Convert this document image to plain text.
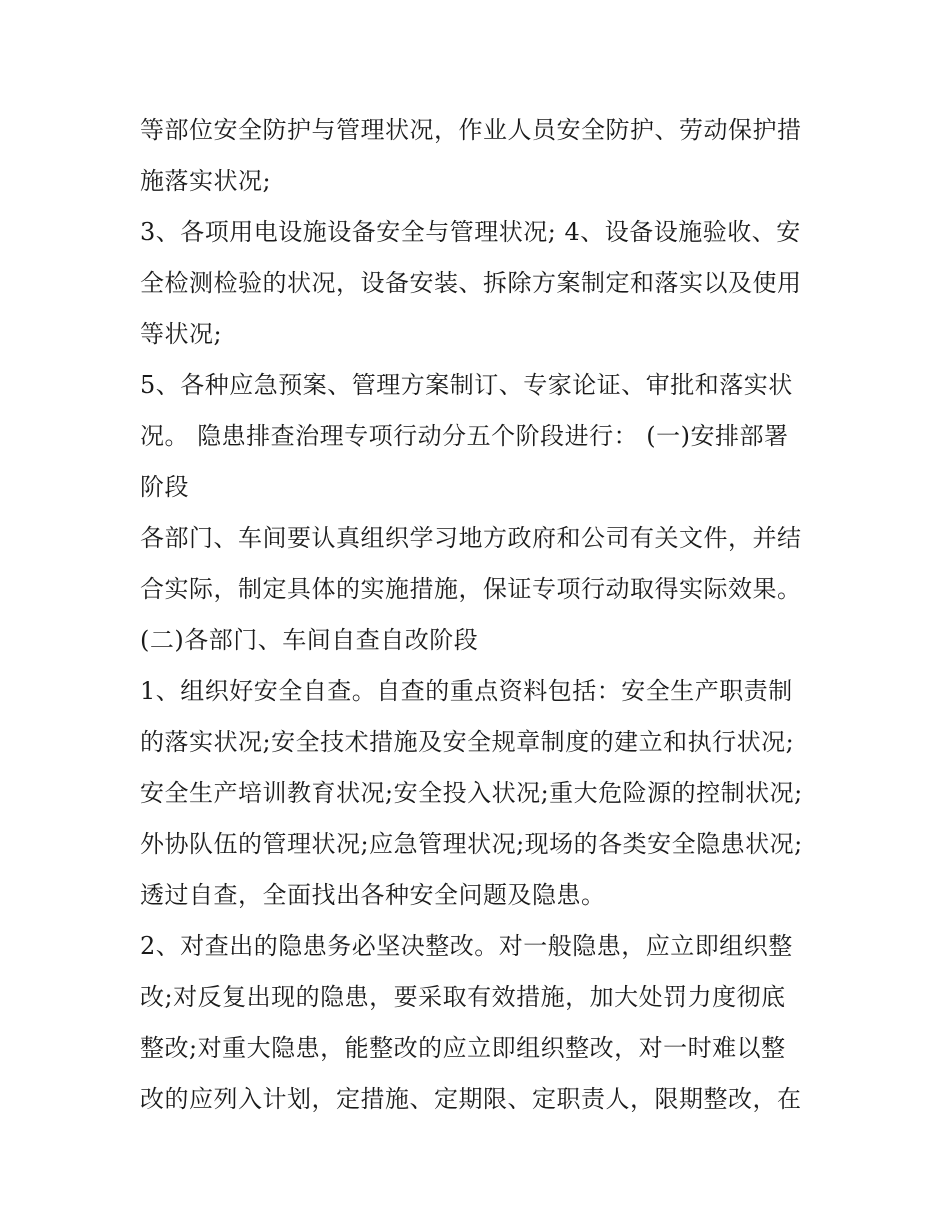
等部位安全防护与管理状况，作业人员安全防护、劳动保护措
施落实状况;
3、各项用电设施设备安全与管理状况; 4、设备设施验收、安
全检测检验的状况，设备安装、拆除方案制定和落实以及使用
等状况;
5、各种应急预案、管理方案制订、专家论证、审批和落实状
况。 隐患排查治理专项行动分五个阶段进行： (一)安排部署
阶段
各部门、车间要认真组织学习地方政府和公司有关文件，并结
合实际，制定具体的实施措施，保证专项行动取得实际效果。
(二)各部门、车间自查自改阶段
1、组织好安全自查。自查的重点资料包括：安全生产职责制
的落实状况;安全技术措施及安全规章制度的建立和执行状况;
安全生产培训教育状况;安全投入状况;重大危险源的控制状况;
外协队伍的管理状况;应急管理状况;现场的各类安全隐患状况;
透过自查，全面找出各种安全问题及隐患。
2、对查出的隐患务必坚决整改。对一般隐患，应立即组织整
改;对反复出现的隐患，要采取有效措施，加大处罚力度彻底
整改;对重大隐患，能整改的应立即组织整改，对一时难以整
改的应列入计划，定措施、定期限、定职责人，限期整改，在
